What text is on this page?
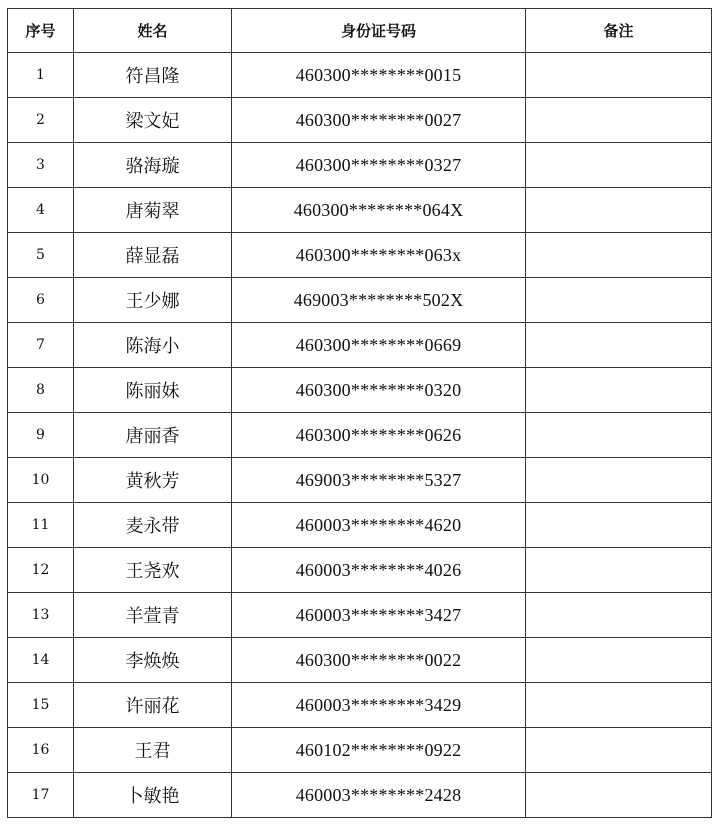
序号	姓名	身份证号码	备注
1	符昌隆	460300********0015	
2	梁文妃	460300********0027	
3	骆海璇	460300********0327	
4	唐菊翠	460300********064X	
5	薛显磊	460300********063x	
6	王少娜	469003********502X	
7	陈海小	460300********0669	
8	陈丽妹	460300********0320	
9	唐丽香	460300********0626	
10	黄秋芳	469003********5327	
11	麦永带	460003********4620	
12	王尧欢	460003********4026	
13	羊萱青	460003********3427	
14	李焕焕	460300********0022	
15	许丽花	460003********3429	
16	王君	460102********0922	
17	卜敏艳	460003********2428	
